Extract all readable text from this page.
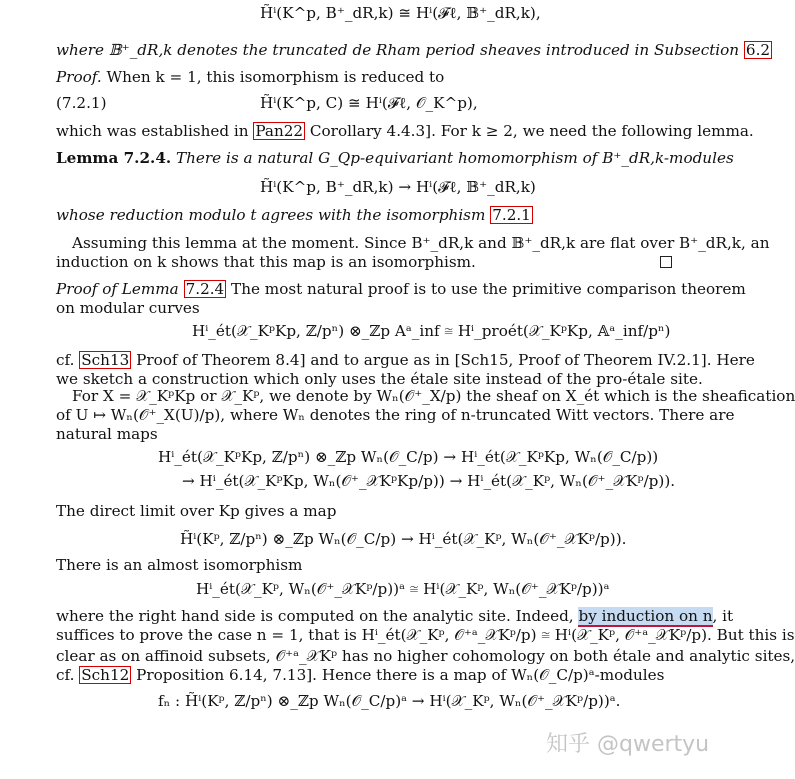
H̃ⁱ(K^p, B⁺_dR,k) ≅ Hⁱ(𝓕ℓ, 𝔹⁺_dR,k),
where 𝔹⁺_dR,k denotes the truncated de Rham period sheaves introduced in Subsection 6.2
Proof. When k = 1, this isomorphism is reduced to
(7.2.1)	H̃ⁱ(K^p, C) ≅ Hⁱ(𝓕ℓ, 𝒪_K^p),
which was established in Pan22 Corollary 4.4.3]. For k ≥ 2, we need the following lemma.
Lemma 7.2.4. There is a natural G_Qp-equivariant homomorphism of B⁺_dR,k-modules
H̃ⁱ(K^p, B⁺_dR,k) → Hⁱ(𝓕ℓ, 𝔹⁺_dR,k)
whose reduction modulo t agrees with the isomorphism 7.2.1
Assuming this lemma at the moment. Since B⁺_dR,k and 𝔹⁺_dR,k are flat over B⁺_dR,k, an
induction on k shows that this map is an isomorphism.
Proof of Lemma 7.2.4 The most natural proof is to use the primitive comparison theorem
on modular curves
Hⁱ_ét(𝒳_KᵖKp, ℤ/pⁿ) ⊗_ℤp Aᵃ_inf ≅ Hⁱ_proét(𝒳_KᵖKp, 𝔸ᵃ_inf/pⁿ)
cf. Sch13 Proof of Theorem 8.4] and to argue as in [Sch15, Proof of Theorem IV.2.1]. Here
we sketch a construction which only uses the étale site instead of the pro-étale site.
For X = 𝒳_KᵖKp or 𝒳_Kᵖ, we denote by Wₙ(𝒪⁺_X/p) the sheaf on X_ét which is the sheafication
of U ↦ Wₙ(𝒪⁺_X(U)/p), where Wₙ denotes the ring of n-truncated Witt vectors. There are
natural maps
Hⁱ_ét(𝒳_KᵖKp, ℤ/pⁿ) ⊗_ℤp Wₙ(𝒪_C/p) → Hⁱ_ét(𝒳_KᵖKp, Wₙ(𝒪_C/p))
→ Hⁱ_ét(𝒳_KᵖKp, Wₙ(𝒪⁺_𝒳KᵖKp/p)) → Hⁱ_ét(𝒳_Kᵖ, Wₙ(𝒪⁺_𝒳Kᵖ/p)).
The direct limit over Kp gives a map
H̃ⁱ(Kᵖ, ℤ/pⁿ) ⊗_ℤp Wₙ(𝒪_C/p) → Hⁱ_ét(𝒳_Kᵖ, Wₙ(𝒪⁺_𝒳Kᵖ/p)).
There is an almost isomorphism
Hⁱ_ét(𝒳_Kᵖ, Wₙ(𝒪⁺_𝒳Kᵖ/p))ᵃ ≅ Hⁱ(𝒳_Kᵖ, Wₙ(𝒪⁺_𝒳Kᵖ/p))ᵃ
where the right hand side is computed on the analytic site. Indeed, by induction on n, it
suffices to prove the case n = 1, that is Hⁱ_ét(𝒳_Kᵖ, 𝒪⁺ᵃ_𝒳Kᵖ/p) ≅ Hⁱ(𝒳_Kᵖ, 𝒪⁺ᵃ_𝒳Kᵖ/p). But this is
clear as on affinoid subsets, 𝒪⁺ᵃ_𝒳Kᵖ has no higher cohomology on both étale and analytic sites,
cf. Sch12 Proposition 6.14, 7.13]. Hence there is a map of Wₙ(𝒪_C/p)ᵃ-modules
fₙ : H̃ⁱ(Kᵖ, ℤ/pⁿ) ⊗_ℤp Wₙ(𝒪_C/p)ᵃ → Hⁱ(𝒳_Kᵖ, Wₙ(𝒪⁺_𝒳Kᵖ/p))ᵃ.
知乎 @qwertyu
